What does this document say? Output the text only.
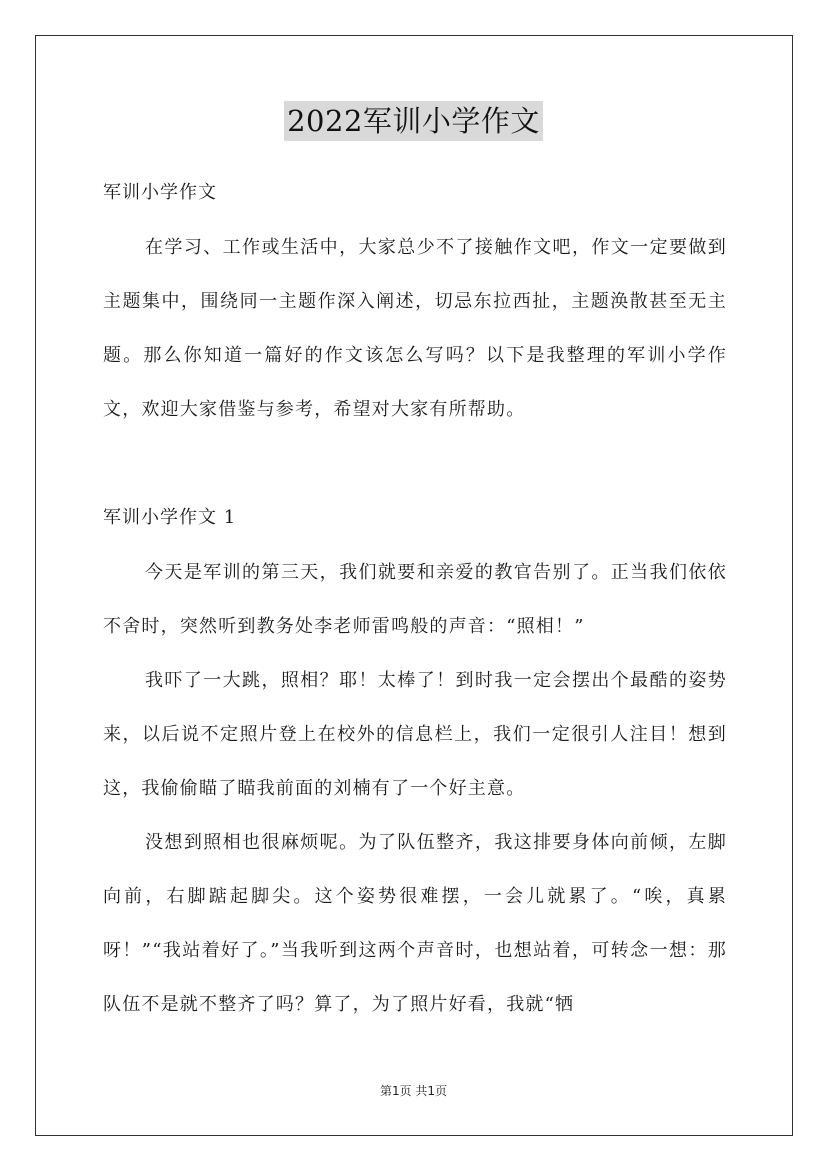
2022军训小学作文

军训小学作文

在学习、工作或生活中，大家总少不了接触作文吧，作文一定要做到主题集中，围绕同一主题作深入阐述，切忌东拉西扯，主题涣散甚至无主题。那么你知道一篇好的作文该怎么写吗？以下是我整理的军训小学作文，欢迎大家借鉴与参考，希望对大家有所帮助。

军训小学作文 1

今天是军训的第三天，我们就要和亲爱的教官告别了。正当我们依依不舍时，突然听到教务处李老师雷鸣般的声音：“照相！”

我吓了一大跳，照相？耶！太棒了！到时我一定会摆出个最酷的姿势来，以后说不定照片登上在校外的信息栏上，我们一定很引人注目！想到这，我偷偷瞄了瞄我前面的刘楠有了一个好主意。

没想到照相也很麻烦呢。为了队伍整齐，我这排要身体向前倾，左脚向前，右脚踮起脚尖。这个姿势很难摆，一会儿就累了。“唉，真累呀！”“我站着好了。”当我听到这两个声音时，也想站着，可转念一想：那队伍不是就不整齐了吗？算了，为了照片好看，我就“牺

第1页 共1页
